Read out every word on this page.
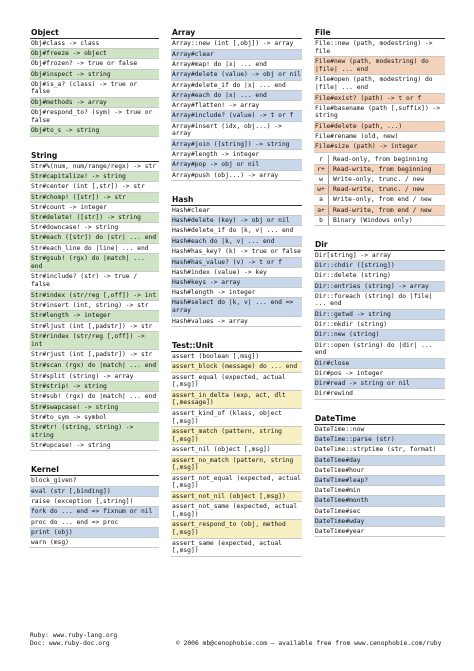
Object
Obj#class -> class
Obj#freeze -> object
Obj#frozen? -> true or false
Obj#inspect -> string
Obj#is_a? (class) -> true or false
Obj#methods -> array
Obj#respond_to? (sym) -> true or false
Obj#to_s -> string
String
Str#%(num, num/range/regx) -> str
Str#capitalize! -> string
Str#center (int [,str]) -> str
Str#chomp! ([str]) -> str
Str#count -> integer
Str#delete! ([str]) -> string
Str#downcase! -> string
Str#each ([str]) do |str| ... end
Str#each_line do |line| ... end
Str#gsub! (rgx) do |match| ... end
Str#include? (str) -> true / false
Str#index (str/reg [,off]) -> int
Str#insert (int, string) -> str
Str#length -> integer
Str#ljust (int [,padstr]) -> str
Str#rindex (str/reg [,off]) -> int
Str#rjust (int [,padstr]) -> str
Str#scan (rgx) do |match| ... end
Str#split (string) -> array
Str#strip! -> string
Str#sub! (rgx) do |match| ... end
Str#swapcase! -> string
Str#to_sym -> symbol
Str#tr! (string, string) -> string
Str#upcase! -> string
Kernel
block_given?
eval (str [,binding])
raise (exception [,string])
fork do ... end => fixnum or nil
proc do ... end => proc
print (obj)
warn (msg)
Array
Array::new (int [,obj]) -> array
Array#clear
Array#map! do |x| ... end
Array#delete (value) -> obj or nil
Array#delete_if do |x| ... end
Array#each do |x| ... end
Array#flatten! -> array
Array#include? (value) -> t or f
Array#insert (idx, obj...) -> array
Array#join ([string]) -> string
Array#length -> integer
Array#pop -> obj or nil
Array#push (obj...) -> array
Hash
Hash#clear
Hash#delete (key) -> obj or nil
Hash#delete_if do |k, v| ... end
Hash#each do |k, v| ... end
Hash#has_key? (k) -> true or false
Hash#has_value? (v) -> t or f
Hash#index (value) -> key
Hash#keys -> array
Hash#length -> integer
Hash#select do |k, v| ... end => array
Hash#values -> array
Test::Unit
assert (boolean [,msg])
assert_block (message) do ... end
assert_equal (expected, actual [,msg])
assert_in_delta (exp, act, dlt [,message])
assert_kind_of (klass, object [,msg])
assert_match (pattern, string [,msg])
assert_nil (object [,msg])
assert_no_match (pattern, string [,msg])
assert_not_equal (expected, actual [,msg])
assert_not_nil (object [,msg])
assert_not_same (expected, actual [,msg])
assert_respond_to (obj, method [,msg])
assert_same (expected, actual [,msg])
File
File::new (path, modestring) -> file
File#new (path, modestring) do |file| ... end
File#open (path, modestring) do |file| ... end
File#exist? (path) -> t or f
File#basename (path [,suffix]) -> string
File#delete (path, ...)
File#rename (old, new)
File#size (path) -> integer
r Read-only, from beginning
r+ Read-write, from beginning
w Write-only, trunc. / new
w+ Read-write, trunc. / new
a Write-only, from end / new
a+ Read-write, from end / new
b Binary (Windows only)
Dir
Dir[string] -> array
Dir::chdir ([string])
Dir::delete (string)
Dir::entries (string) -> array
Dir::foreach (string) do |file| ... end
Dir::getwd -> string
Dir::mkdir (string)
Dir::new (string)
Dir::open (string) do |dir| ... end
Dir#close
Dir#pos -> integer
Dir#read -> string or nil
Dir#rewind
DateTime
DateTime::now
DateTime::parse (str)
DateTime::strptime (str, format)
DateTime#day
DateTime#hour
DateTime#leap?
DateTime#min
DateTime#month
DateTime#sec
DateTime#wday
DateTime#year
Ruby: www.ruby-lang.org
Doc: www.ruby-doc.org	© 2006 mb@cenophobie.com — available free from www.cenophobie.com/ruby
